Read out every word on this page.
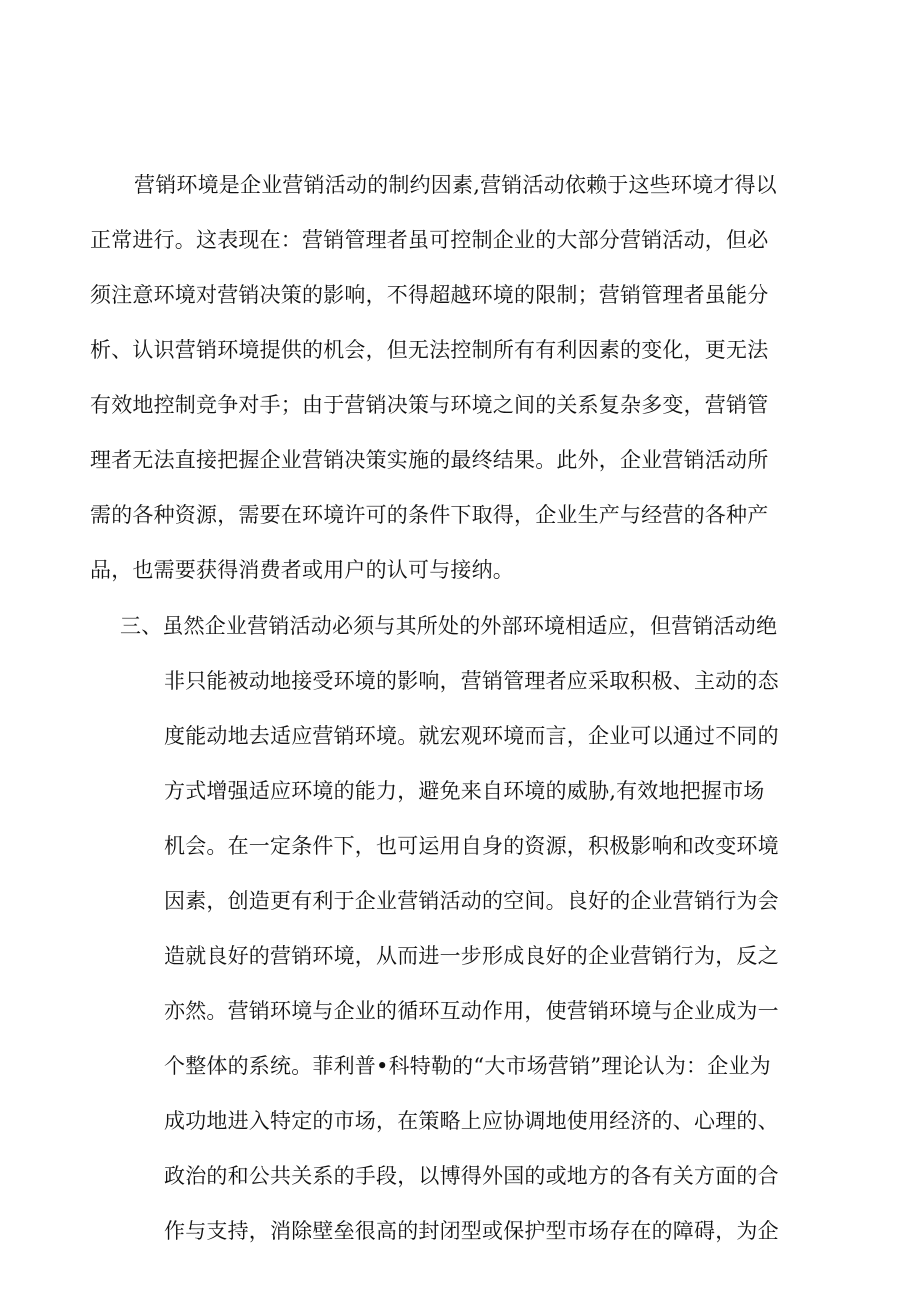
营销环境是企业营销活动的制约因素,营销活动依赖于这些环境才得以
正常进行。这表现在：营销管理者虽可控制企业的大部分营销活动，但必
须注意环境对营销决策的影响，不得超越环境的限制；营销管理者虽能分
析、认识营销环境提供的机会，但无法控制所有有利因素的变化，更无法
有效地控制竞争对手；由于营销决策与环境之间的关系复杂多变，营销管
理者无法直接把握企业营销决策实施的最终结果。此外，企业营销活动所
需的各种资源，需要在环境许可的条件下取得，企业生产与经营的各种产
品，也需要获得消费者或用户的认可与接纳。
三、虽然企业营销活动必须与其所处的外部环境相适应，但营销活动绝
非只能被动地接受环境的影响，营销管理者应采取积极、主动的态
度能动地去适应营销环境。就宏观环境而言，企业可以通过不同的
方式增强适应环境的能力，避免来自环境的威胁,有效地把握市场
机会。在一定条件下，也可运用自身的资源，积极影响和改变环境
因素，创造更有利于企业营销活动的空间。良好的企业营销行为会
造就良好的营销环境，从而进一步形成良好的企业营销行为，反之
亦然。营销环境与企业的循环互动作用，使营销环境与企业成为一
个整体的系统。菲利普•科特勒的“大市场营销”理论认为：企业为
成功地进入特定的市场，在策略上应协调地使用经济的、心理的、
政治的和公共关系的手段，以博得外国的或地方的各有关方面的合
作与支持，消除壁垒很高的封闭型或保护型市场存在的障碍，为企
